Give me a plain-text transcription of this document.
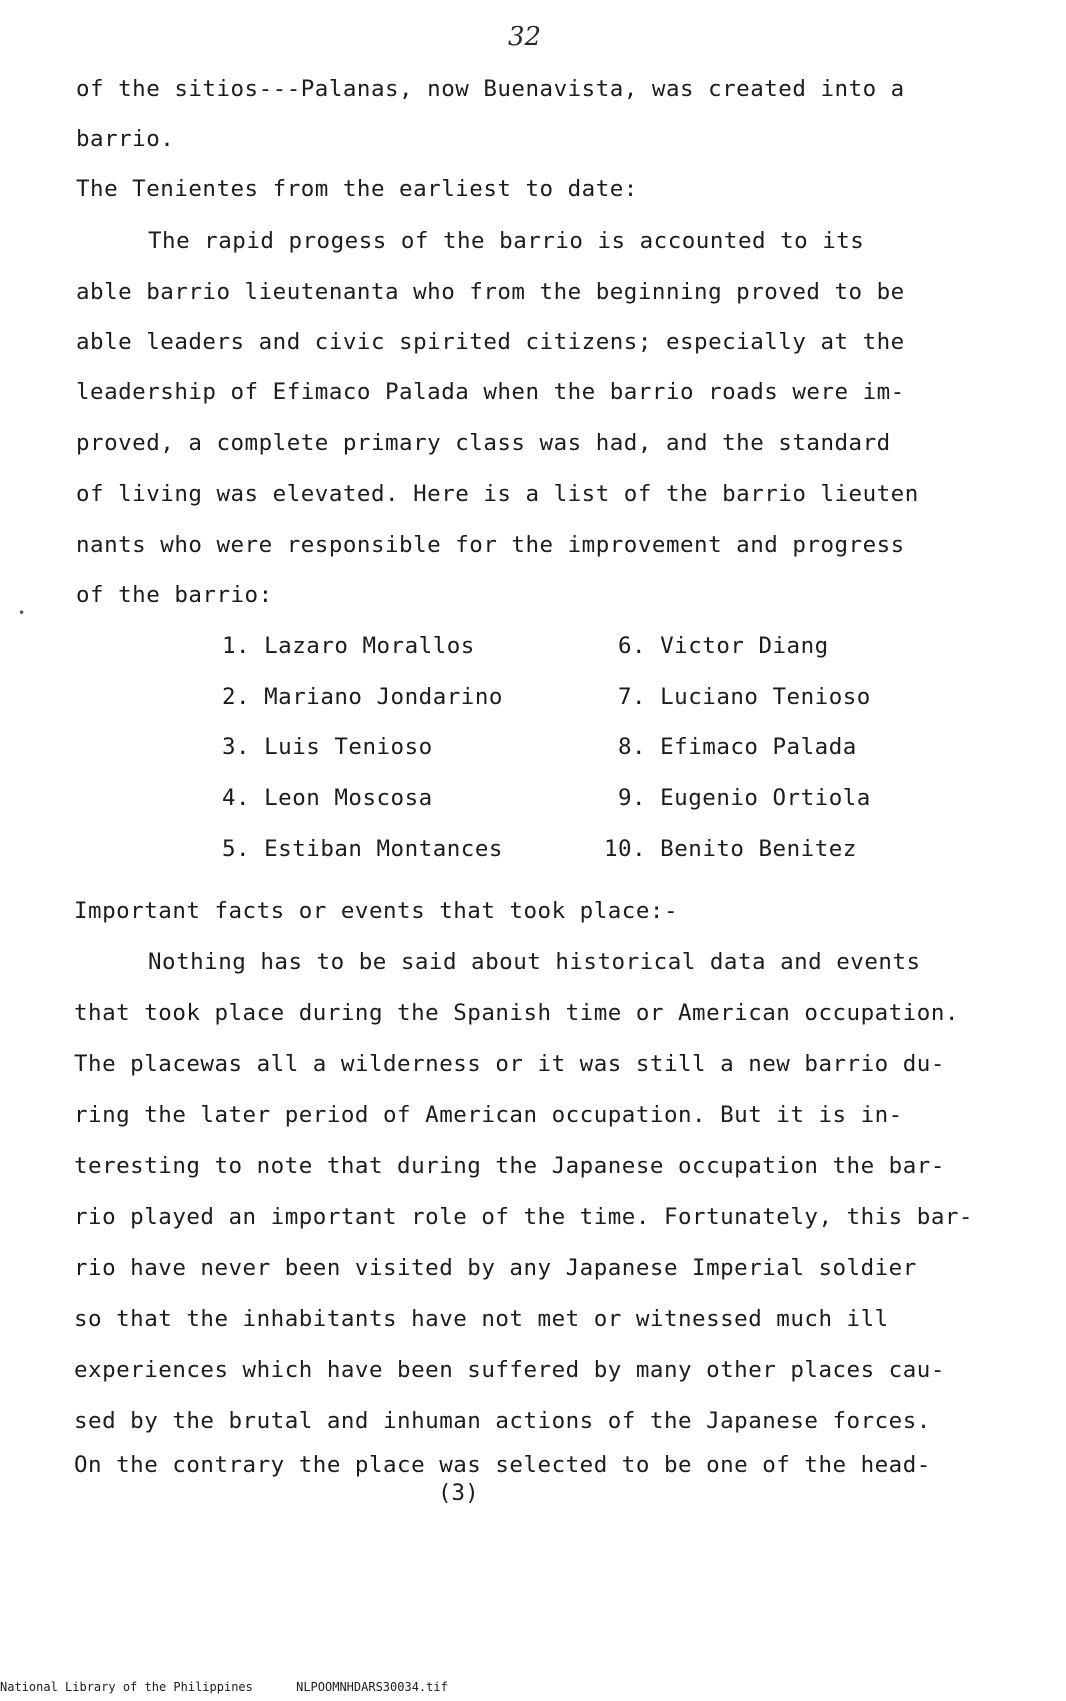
32
of the sitios---Palanas, now Buenavista, was created into a
barrio.
The Tenientes from the earliest to date:
The rapid progess of the barrio is accounted to its
able barrio lieutenanta who from the beginning proved to be
able leaders and civic spirited citizens; especially at the
leadership of Efimaco Palada when the barrio roads were im-
proved, a complete primary class was had, and the standard
of living was elevated. Here is a list of the barrio lieuten
nants who were responsible for the improvement and progress
of the barrio:
•
1. Lazaro Morallos
2. Mariano Jondarino
3. Luis Tenioso
4. Leon Moscosa
5. Estiban Montances
6. Victor Diang
7. Luciano Tenioso
8. Efimaco Palada
9. Eugenio Ortiola
10. Benito Benitez
Important facts or events that took place:-
Nothing has to be said about historical data and events
that took place during the Spanish time or American occupation.
The placewas all a wilderness or it was still a new barrio du-
ring the later period of American occupation. But it is in-
teresting to note that during the Japanese occupation the bar-
rio played an important role of the time. Fortunately, this bar-
rio have never been visited by any Japanese Imperial soldier
so that the inhabitants have not met or witnessed much ill
experiences which have been suffered by many other places cau-
sed by the brutal and inhuman actions of the Japanese forces.
On the contrary the place was selected to be one of the head-
(3)
National Library of the Philippines	NLPOOMNHDARS30034.tif
